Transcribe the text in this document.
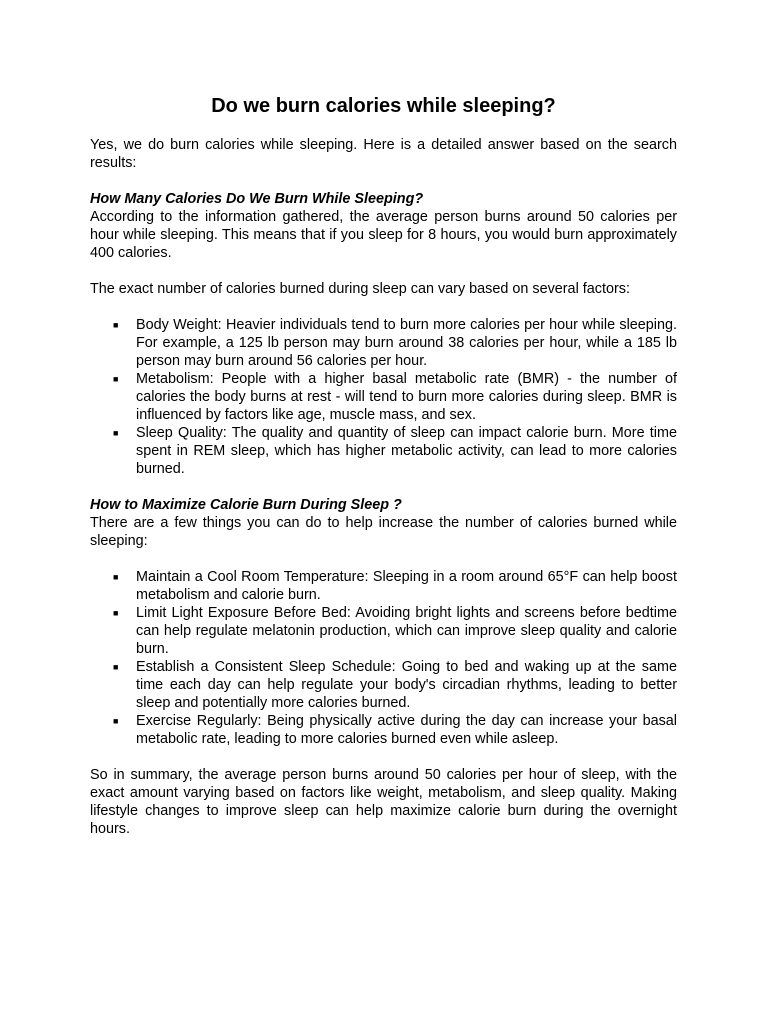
Do we burn calories while sleeping?

Yes, we do burn calories while sleeping. Here is a detailed answer based on the search results:

How Many Calories Do We Burn While Sleeping?

According to the information gathered, the average person burns around 50 calories per hour while sleeping. This means that if you sleep for 8 hours, you would burn approximately 400 calories.

The exact number of calories burned during sleep can vary based on several factors:

■ Body Weight: Heavier individuals tend to burn more calories per hour while sleeping. For example, a 125 lb person may burn around 38 calories per hour, while a 185 lb person may burn around 56 calories per hour.
■ Metabolism: People with a higher basal metabolic rate (BMR) - the number of calories the body burns at rest - will tend to burn more calories during sleep. BMR is influenced by factors like age, muscle mass, and sex.
■ Sleep Quality: The quality and quantity of sleep can impact calorie burn. More time spent in REM sleep, which has higher metabolic activity, can lead to more calories burned.
How to Maximize Calorie Burn During Sleep ?

There are a few things you can do to help increase the number of calories burned while sleeping:

■ Maintain a Cool Room Temperature: Sleeping in a room around 65°F can help boost metabolism and calorie burn.
■ Limit Light Exposure Before Bed: Avoiding bright lights and screens before bedtime can help regulate melatonin production, which can improve sleep quality and calorie burn.
■ Establish a Consistent Sleep Schedule: Going to bed and waking up at the same time each day can help regulate your body's circadian rhythms, leading to better sleep and potentially more calories burned.
■ Exercise Regularly: Being physically active during the day can increase your basal metabolic rate, leading to more calories burned even while asleep.

So in summary, the average person burns around 50 calories per hour of sleep, with the exact amount varying based on factors like weight, metabolism, and sleep quality. Making lifestyle changes to improve sleep can help maximize calorie burn during the overnight hours.
